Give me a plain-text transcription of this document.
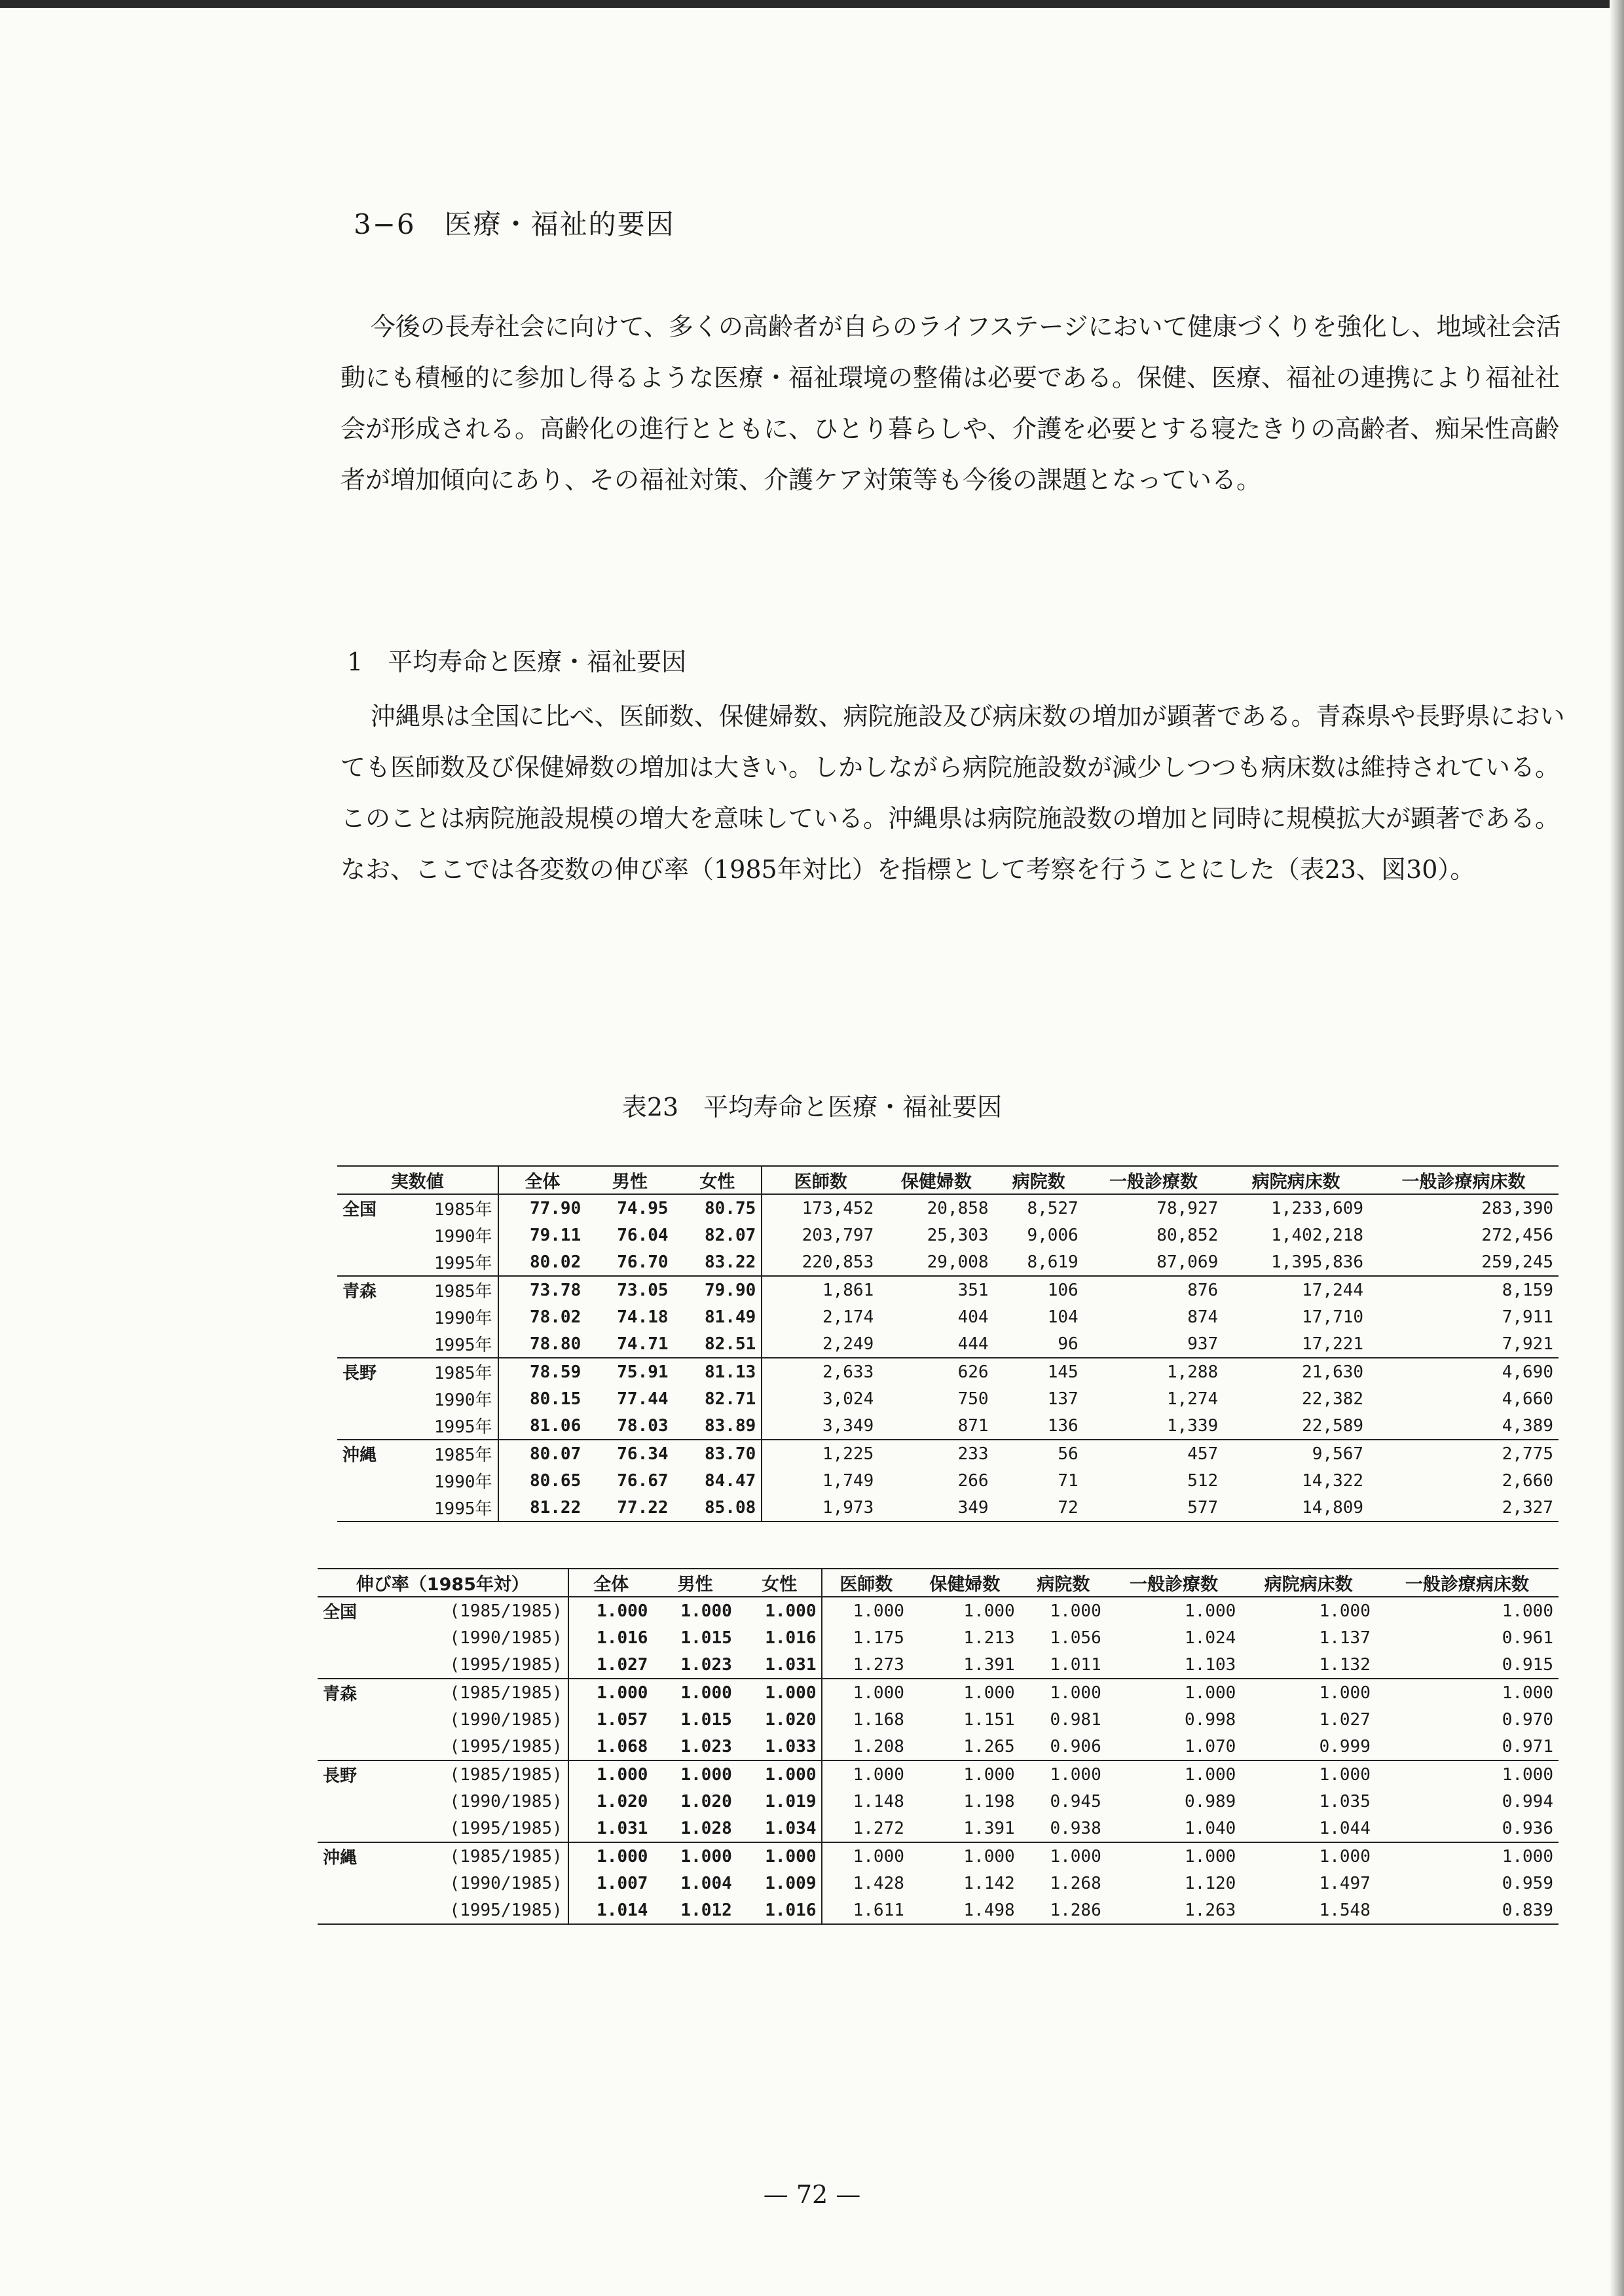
3−6　医療・福祉的要因
今後の長寿社会に向けて、多くの高齢者が自らのライフステージにおいて健康づくりを強化し、地域社会活動にも積極的に参加し得るような医療・福祉環境の整備は必要である。保健、医療、福祉の連携により福祉社会が形成される。高齢化の進行とともに、ひとり暮らしや、介護を必要とする寝たきりの高齢者、痴呆性高齢者が増加傾向にあり、その福祉対策、介護ケア対策等も今後の課題となっている。
1　平均寿命と医療・福祉要因
沖縄県は全国に比べ、医師数、保健婦数、病院施設及び病床数の増加が顕著である。青森県や長野県においても医師数及び保健婦数の増加は大きい。しかしながら病院施設数が減少しつつも病床数は維持されている。このことは病院施設規模の増大を意味している。沖縄県は病院施設数の増加と同時に規模拡大が顕著である。なお、ここでは各変数の伸び率（1985年対比）を指標として考察を行うことにした（表23、図30）。
表23　平均寿命と医療・福祉要因
実数値		全体	男性	女性	医師数	保健婦数	病院数	一般診療数	病院病床数	一般診療病床数
全国	1985年	77.90	74.95	80.75	173,452	20,858	8,527	78,927	1,233,609	283,390
	1990年	79.11	76.04	82.07	203,797	25,303	9,006	80,852	1,402,218	272,456
	1995年	80.02	76.70	83.22	220,853	29,008	8,619	87,069	1,395,836	259,245
青森	1985年	73.78	73.05	79.90	1,861	351	106	876	17,244	8,159
	1990年	78.02	74.18	81.49	2,174	404	104	874	17,710	7,911
	1995年	78.80	74.71	82.51	2,249	444	96	937	17,221	7,921
長野	1985年	78.59	75.91	81.13	2,633	626	145	1,288	21,630	4,690
	1990年	80.15	77.44	82.71	3,024	750	137	1,274	22,382	4,660
	1995年	81.06	78.03	83.89	3,349	871	136	1,339	22,589	4,389
沖縄	1985年	80.07	76.34	83.70	1,225	233	56	457	9,567	2,775
	1990年	80.65	76.67	84.47	1,749	266	71	512	14,322	2,660
	1995年	81.22	77.22	85.08	1,973	349	72	577	14,809	2,327
伸び率（1985年対）		全体	男性	女性	医師数	保健婦数	病院数	一般診療数	病院病床数	一般診療病床数
全国	(1985/1985)	1.000	1.000	1.000	1.000	1.000	1.000	1.000	1.000	1.000
	(1990/1985)	1.016	1.015	1.016	1.175	1.213	1.056	1.024	1.137	0.961
	(1995/1985)	1.027	1.023	1.031	1.273	1.391	1.011	1.103	1.132	0.915
青森	(1985/1985)	1.000	1.000	1.000	1.000	1.000	1.000	1.000	1.000	1.000
	(1990/1985)	1.057	1.015	1.020	1.168	1.151	0.981	0.998	1.027	0.970
	(1995/1985)	1.068	1.023	1.033	1.208	1.265	0.906	1.070	0.999	0.971
長野	(1985/1985)	1.000	1.000	1.000	1.000	1.000	1.000	1.000	1.000	1.000
	(1990/1985)	1.020	1.020	1.019	1.148	1.198	0.945	0.989	1.035	0.994
	(1995/1985)	1.031	1.028	1.034	1.272	1.391	0.938	1.040	1.044	0.936
沖縄	(1985/1985)	1.000	1.000	1.000	1.000	1.000	1.000	1.000	1.000	1.000
	(1990/1985)	1.007	1.004	1.009	1.428	1.142	1.268	1.120	1.497	0.959
	(1995/1985)	1.014	1.012	1.016	1.611	1.498	1.286	1.263	1.548	0.839
— 72 —
